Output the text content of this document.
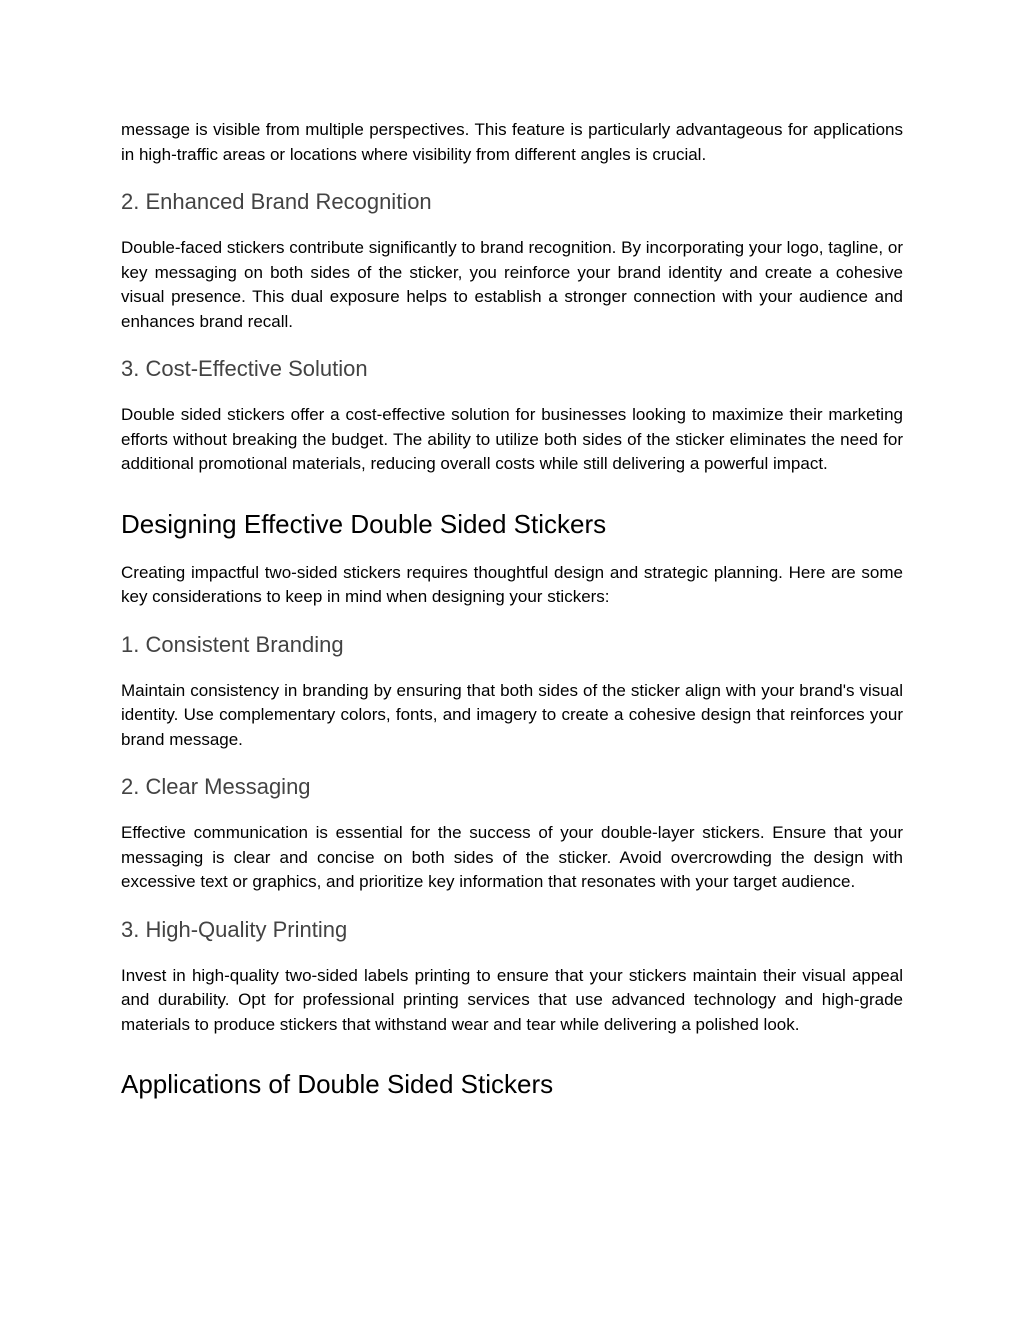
message is visible from multiple perspectives. This feature is particularly advantageous for applications in high-traffic areas or locations where visibility from different angles is crucial.

2. Enhanced Brand Recognition

Double-faced stickers contribute significantly to brand recognition. By incorporating your logo, tagline, or key messaging on both sides of the sticker, you reinforce your brand identity and create a cohesive visual presence. This dual exposure helps to establish a stronger connection with your audience and enhances brand recall.

3. Cost-Effective Solution

Double sided stickers offer a cost-effective solution for businesses looking to maximize their marketing efforts without breaking the budget. The ability to utilize both sides of the sticker eliminates the need for additional promotional materials, reducing overall costs while still delivering a powerful impact.

Designing Effective Double Sided Stickers

Creating impactful two-sided stickers requires thoughtful design and strategic planning. Here are some key considerations to keep in mind when designing your stickers:

1. Consistent Branding

Maintain consistency in branding by ensuring that both sides of the sticker align with your brand's visual identity. Use complementary colors, fonts, and imagery to create a cohesive design that reinforces your brand message.

2. Clear Messaging

Effective communication is essential for the success of your double-layer stickers. Ensure that your messaging is clear and concise on both sides of the sticker. Avoid overcrowding the design with excessive text or graphics, and prioritize key information that resonates with your target audience.

3. High-Quality Printing

Invest in high-quality two-sided labels printing to ensure that your stickers maintain their visual appeal and durability. Opt for professional printing services that use advanced technology and high-grade materials to produce stickers that withstand wear and tear while delivering a polished look.

Applications of Double Sided Stickers
